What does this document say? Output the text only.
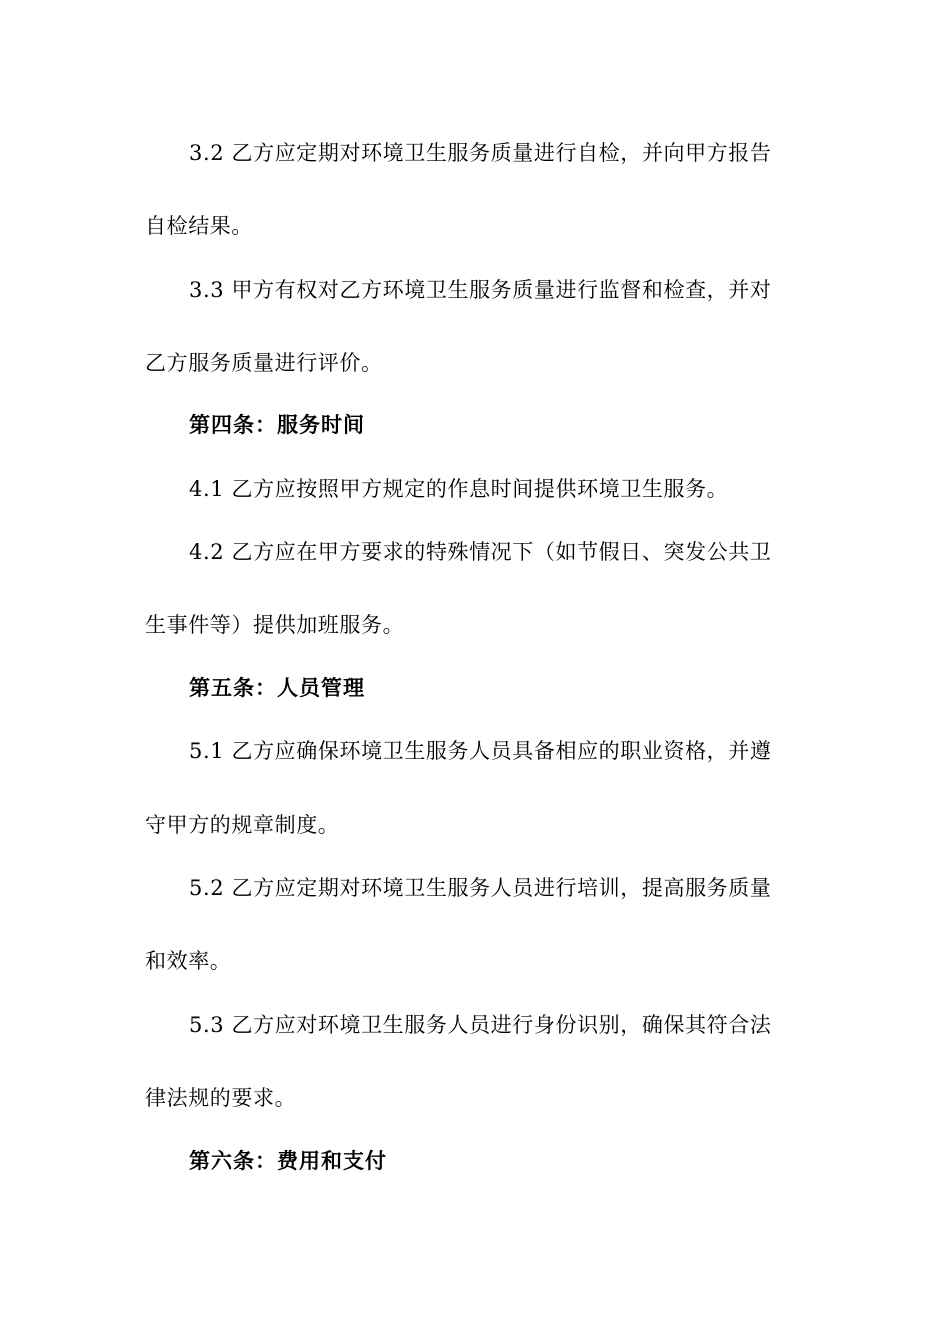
3.2 乙方应定期对环境卫生服务质量进行自检，并向甲方报告
自检结果。
3.3 甲方有权对乙方环境卫生服务质量进行监督和检查，并对
乙方服务质量进行评价。
第四条：服务时间
4.1 乙方应按照甲方规定的作息时间提供环境卫生服务。
4.2 乙方应在甲方要求的特殊情况下（如节假日、突发公共卫
生事件等）提供加班服务。
第五条：人员管理
5.1 乙方应确保环境卫生服务人员具备相应的职业资格，并遵
守甲方的规章制度。
5.2 乙方应定期对环境卫生服务人员进行培训，提高服务质量
和效率。
5.3 乙方应对环境卫生服务人员进行身份识别，确保其符合法
律法规的要求。
第六条：费用和支付
